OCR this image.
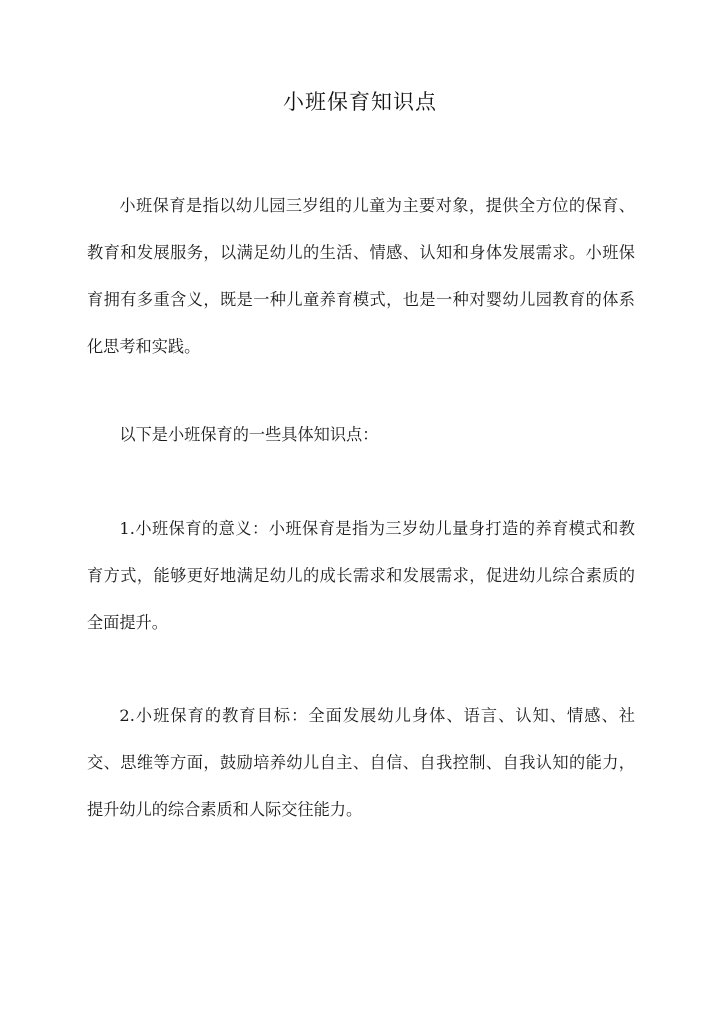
小班保育知识点

小班保育是指以幼儿园三岁组的儿童为主要对象，提供全方位的保育、教育和发展服务，以满足幼儿的生活、情感、认知和身体发展需求。小班保育拥有多重含义，既是一种儿童养育模式，也是一种对婴幼儿园教育的体系化思考和实践。

以下是小班保育的一些具体知识点：

1.小班保育的意义：小班保育是指为三岁幼儿量身打造的养育模式和教育方式，能够更好地满足幼儿的成长需求和发展需求，促进幼儿综合素质的全面提升。

2.小班保育的教育目标：全面发展幼儿身体、语言、认知、情感、社交、思维等方面，鼓励培养幼儿自主、自信、自我控制、自我认知的能力，提升幼儿的综合素质和人际交往能力。
